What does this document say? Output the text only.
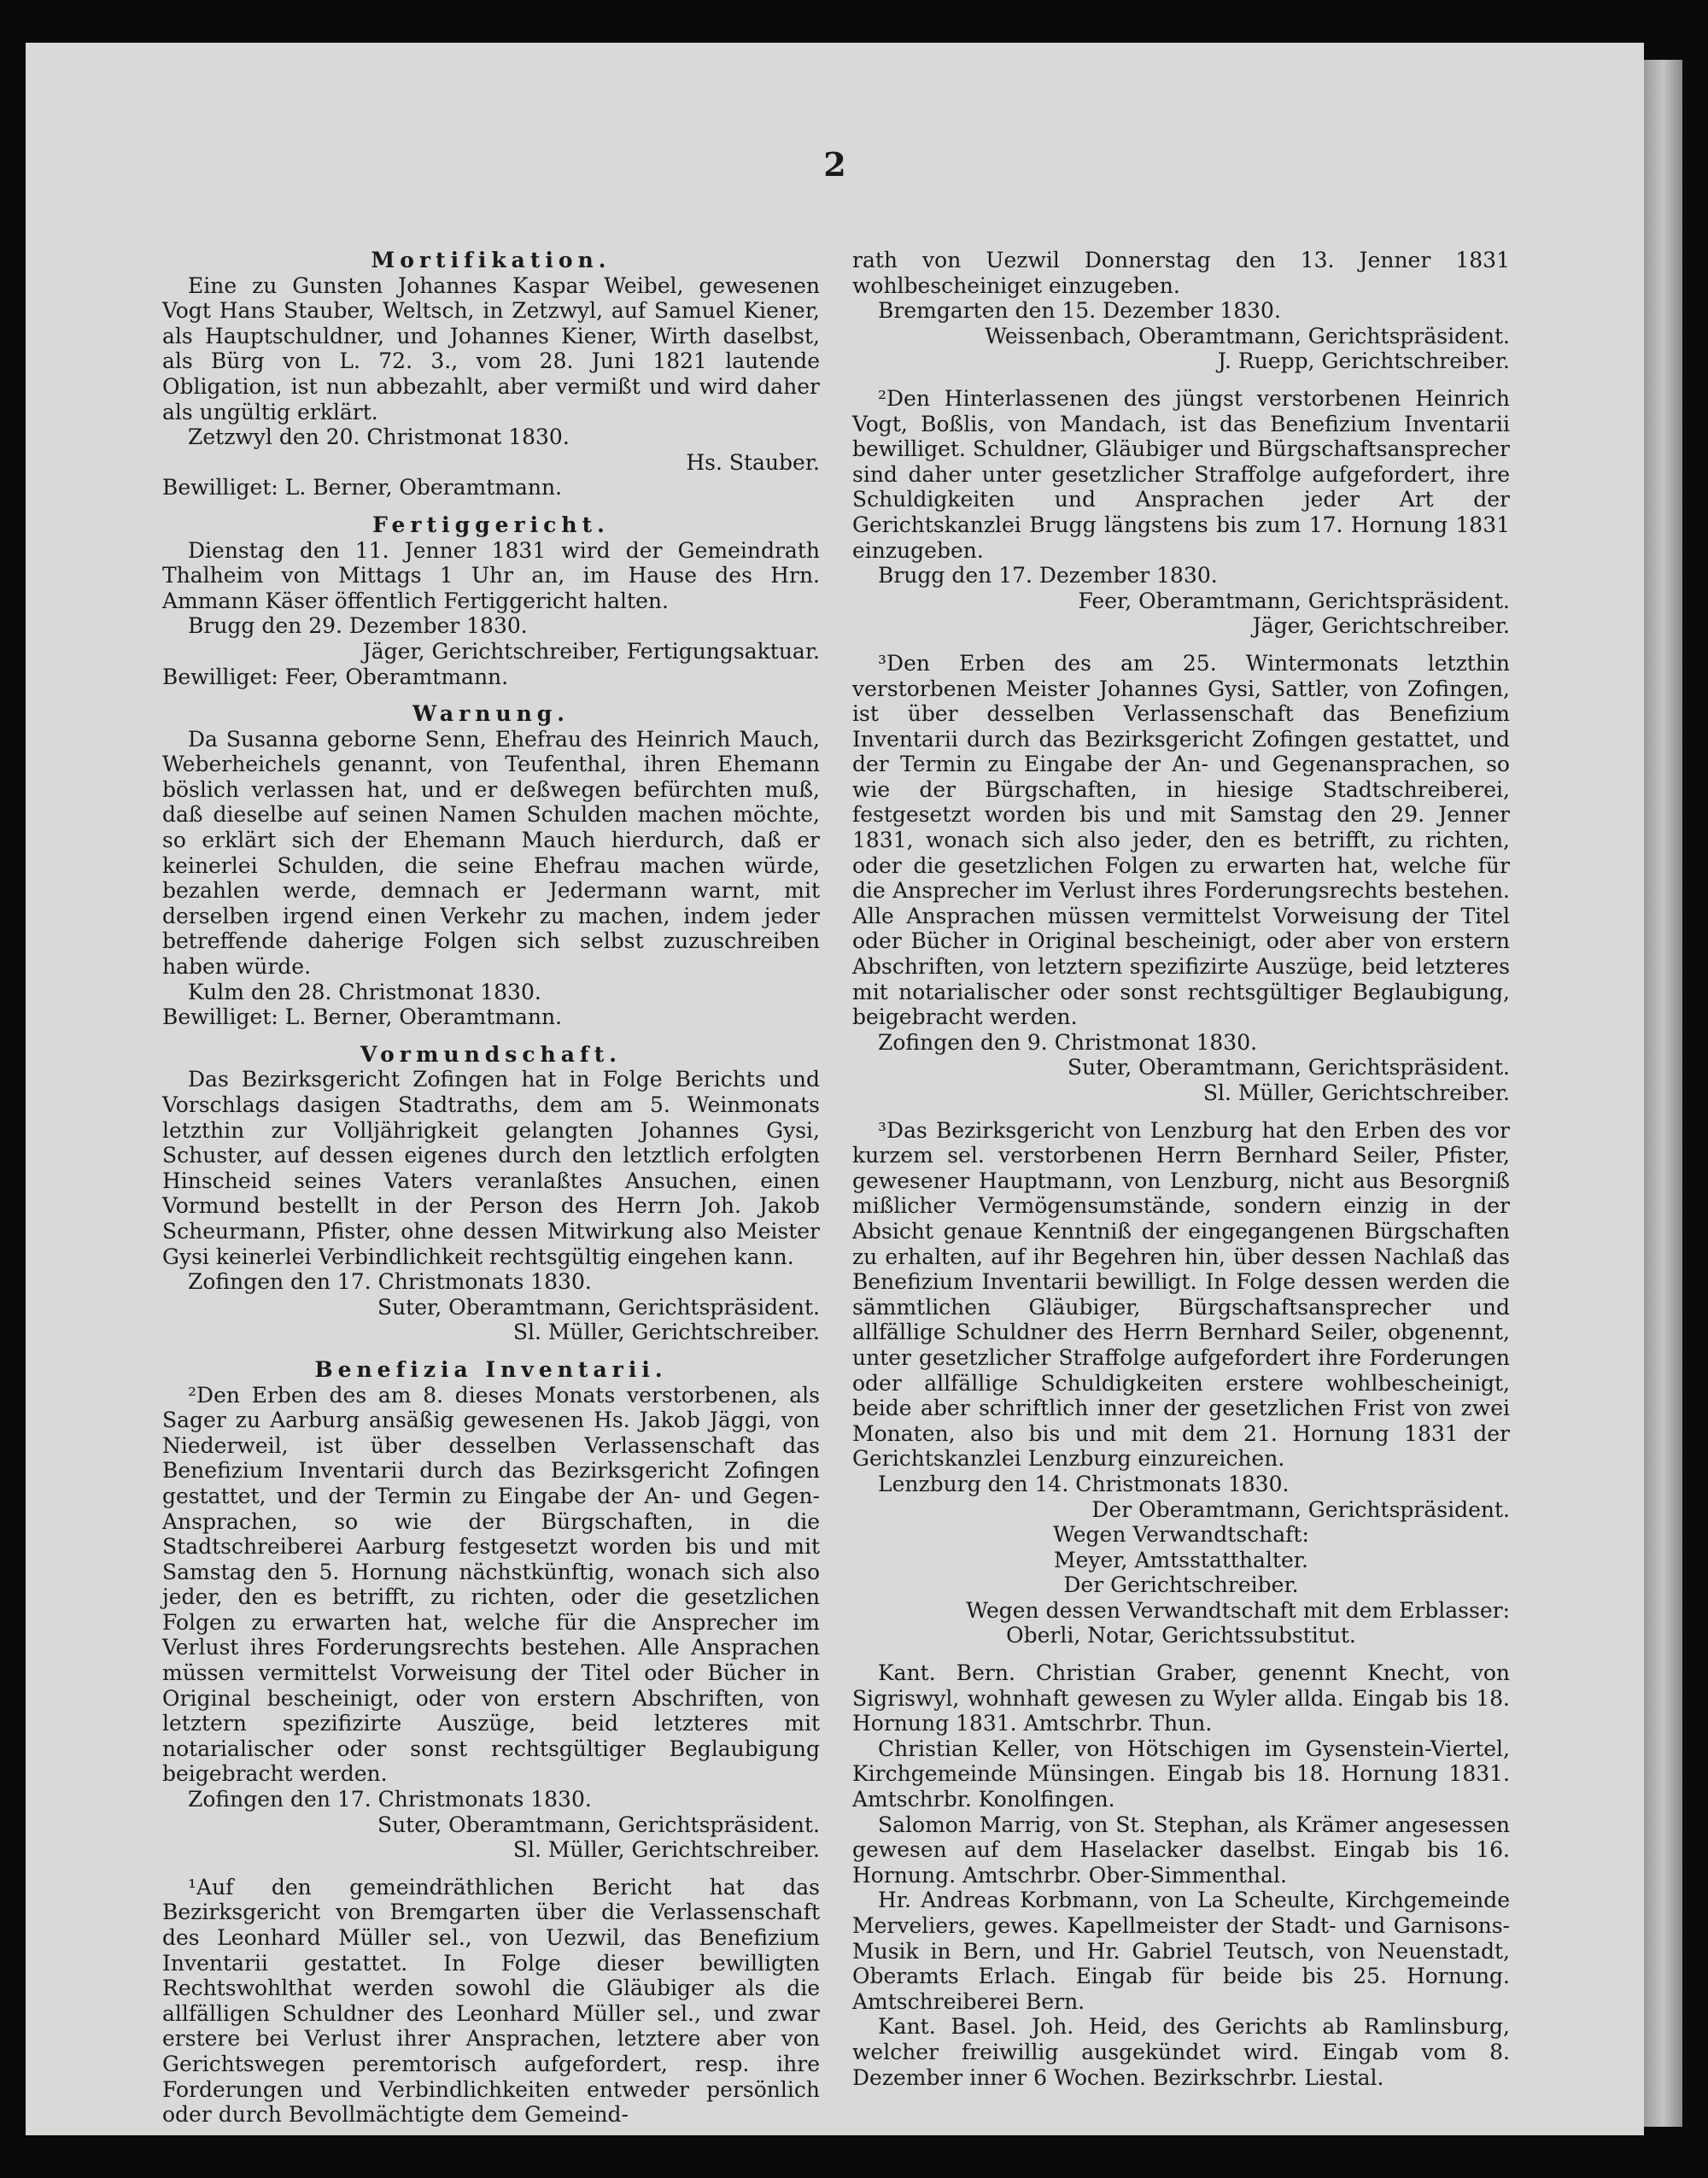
2

Mortifikation.

Eine zu Gunsten Johannes Kaspar Weibel, gewesenen Vogt Hans Stauber, Weltsch, in Zetzwyl, auf Samuel Kiener, als Hauptschuldner, und Johannes Kiener, Wirth daselbst, als Bürg von L. 72. 3., vom 28. Juni 1821 lautende Obligation, ist nun abbezahlt, aber vermißt und wird daher als ungültig erklärt.

Zetzwyl den 20. Christmonat 1830.

Hs. Stauber.

Bewilliget: L. Berner, Oberamtmann.

Fertiggericht.

Dienstag den 11. Jenner 1831 wird der Gemeindrath Thalheim von Mittags 1 Uhr an, im Hause des Hrn. Ammann Käser öffentlich Fertiggericht halten.

Brugg den 29. Dezember 1830.

Jäger, Gerichtschreiber, Fertigungsaktuar.

Bewilliget: Feer, Oberamtmann.

Warnung.

Da Susanna geborne Senn, Ehefrau des Heinrich Mauch, Weberheichels genannt, von Teufenthal, ihren Ehemann böslich verlassen hat, und er deßwegen befürchten muß, daß dieselbe auf seinen Namen Schulden machen möchte, so erklärt sich der Ehemann Mauch hierdurch, daß er keinerlei Schulden, die seine Ehefrau machen würde, bezahlen werde, demnach er Jedermann warnt, mit derselben irgend einen Verkehr zu machen, indem jeder betreffende daherige Folgen sich selbst zuzuschreiben haben würde.

Kulm den 28. Christmonat 1830.

Bewilliget: L. Berner, Oberamtmann.

Vormundschaft.

Das Bezirksgericht Zofingen hat in Folge Berichts und Vorschlags dasigen Stadtraths, dem am 5. Weinmonats letzthin zur Volljährigkeit gelangten Johannes Gysi, Schuster, auf dessen eigenes durch den letztlich erfolgten Hinscheid seines Vaters veranlaßtes Ansuchen, einen Vormund bestellt in der Person des Herrn Joh. Jakob Scheurmann, Pfister, ohne dessen Mitwirkung also Meister Gysi keinerlei Verbindlichkeit rechtsgültig eingehen kann.

Zofingen den 17. Christmonats 1830.

Suter, Oberamtmann, Gerichtspräsident.

Sl. Müller, Gerichtschreiber.

Benefizia Inventarii.

²Den Erben des am 8. dieses Monats verstorbenen, als Sager zu Aarburg ansäßig gewesenen Hs. Jakob Jäggi, von Niederweil, ist über desselben Verlassenschaft das Benefizium Inventarii durch das Bezirksgericht Zofingen gestattet, und der Termin zu Eingabe der An- und Gegen-Ansprachen, so wie der Bürgschaften, in die Stadtschreiberei Aarburg festgesetzt worden bis und mit Samstag den 5. Hornung nächstkünftig, wonach sich also jeder, den es betrifft, zu richten, oder die gesetzlichen Folgen zu erwarten hat, welche für die Ansprecher im Verlust ihres Forderungsrechts bestehen. Alle Ansprachen müssen vermittelst Vorweisung der Titel oder Bücher in Original bescheinigt, oder von erstern Abschriften, von letztern spezifizirte Auszüge, beid letzteres mit notarialischer oder sonst rechtsgültiger Beglaubigung beigebracht werden.

Zofingen den 17. Christmonats 1830.

Suter, Oberamtmann, Gerichtspräsident.

Sl. Müller, Gerichtschreiber.

¹Auf den gemeindräthlichen Bericht hat das Bezirksgericht von Bremgarten über die Verlassenschaft des Leonhard Müller sel., von Uezwil, das Benefizium Inventarii gestattet. In Folge dieser bewilligten Rechtswohlthat werden sowohl die Gläubiger als die allfälligen Schuldner des Leonhard Müller sel., und zwar erstere bei Verlust ihrer Ansprachen, letztere aber von Gerichtswegen peremtorisch aufgefordert, resp. ihre Forderungen und Verbindlichkeiten entweder persönlich oder durch Bevollmächtigte dem Gemeind-

rath von Uezwil Donnerstag den 13. Jenner 1831 wohlbescheiniget einzugeben.

Bremgarten den 15. Dezember 1830.

Weissenbach, Oberamtmann, Gerichtspräsident.

J. Ruepp, Gerichtschreiber.

²Den Hinterlassenen des jüngst verstorbenen Heinrich Vogt, Boßlis, von Mandach, ist das Benefizium Inventarii bewilliget. Schuldner, Gläubiger und Bürgschaftsansprecher sind daher unter gesetzlicher Straffolge aufgefordert, ihre Schuldigkeiten und Ansprachen jeder Art der Gerichtskanzlei Brugg längstens bis zum 17. Hornung 1831 einzugeben.

Brugg den 17. Dezember 1830.

Feer, Oberamtmann, Gerichtspräsident.

Jäger, Gerichtschreiber.

³Den Erben des am 25. Wintermonats letzthin verstorbenen Meister Johannes Gysi, Sattler, von Zofingen, ist über desselben Verlassenschaft das Benefizium Inventarii durch das Bezirksgericht Zofingen gestattet, und der Termin zu Eingabe der An- und Gegenansprachen, so wie der Bürgschaften, in hiesige Stadtschreiberei, festgesetzt worden bis und mit Samstag den 29. Jenner 1831, wonach sich also jeder, den es betrifft, zu richten, oder die gesetzlichen Folgen zu erwarten hat, welche für die Ansprecher im Verlust ihres Forderungsrechts bestehen. Alle Ansprachen müssen vermittelst Vorweisung der Titel oder Bücher in Original bescheinigt, oder aber von erstern Abschriften, von letztern spezifizirte Auszüge, beid letzteres mit notarialischer oder sonst rechtsgültiger Beglaubigung, beigebracht werden.

Zofingen den 9. Christmonat 1830.

Suter, Oberamtmann, Gerichtspräsident.

Sl. Müller, Gerichtschreiber.

³Das Bezirksgericht von Lenzburg hat den Erben des vor kurzem sel. verstorbenen Herrn Bernhard Seiler, Pfister, gewesener Hauptmann, von Lenzburg, nicht aus Besorgniß mißlicher Vermögensumstände, sondern einzig in der Absicht genaue Kenntniß der eingegangenen Bürgschaften zu erhalten, auf ihr Begehren hin, über dessen Nachlaß das Benefizium Inventarii bewilligt. In Folge dessen werden die sämmtlichen Gläubiger, Bürgschaftsansprecher und allfällige Schuldner des Herrn Bernhard Seiler, obgenennt, unter gesetzlicher Straffolge aufgefordert ihre Forderungen oder allfällige Schuldigkeiten erstere wohlbescheinigt, beide aber schriftlich inner der gesetzlichen Frist von zwei Monaten, also bis und mit dem 21. Hornung 1831 der Gerichtskanzlei Lenzburg einzureichen.

Lenzburg den 14. Christmonats 1830.

Der Oberamtmann, Gerichtspräsident.

Wegen Verwandtschaft:

Meyer, Amtsstatthalter.

Der Gerichtschreiber.

Wegen dessen Verwandtschaft mit dem Erblasser:

Oberli, Notar, Gerichtssubstitut.

Kant. Bern. Christian Graber, genennt Knecht, von Sigriswyl, wohnhaft gewesen zu Wyler allda. Eingab bis 18. Hornung 1831. Amtschrbr. Thun.

Christian Keller, von Hötschigen im Gysenstein-Viertel, Kirchgemeinde Münsingen. Eingab bis 18. Hornung 1831. Amtschrbr. Konolfingen.

Salomon Marrig, von St. Stephan, als Krämer angesessen gewesen auf dem Haselacker daselbst. Eingab bis 16. Hornung. Amtschrbr. Ober-Simmenthal.

Hr. Andreas Korbmann, von La Scheulte, Kirchgemeinde Merveliers, gewes. Kapellmeister der Stadt- und Garnisons-Musik in Bern, und Hr. Gabriel Teutsch, von Neuenstadt, Oberamts Erlach. Eingab für beide bis 25. Hornung. Amtschreiberei Bern.

Kant. Basel. Joh. Heid, des Gerichts ab Ramlinsburg, welcher freiwillig ausgekündet wird. Eingab vom 8. Dezember inner 6 Wochen. Bezirkschrbr. Liestal.
